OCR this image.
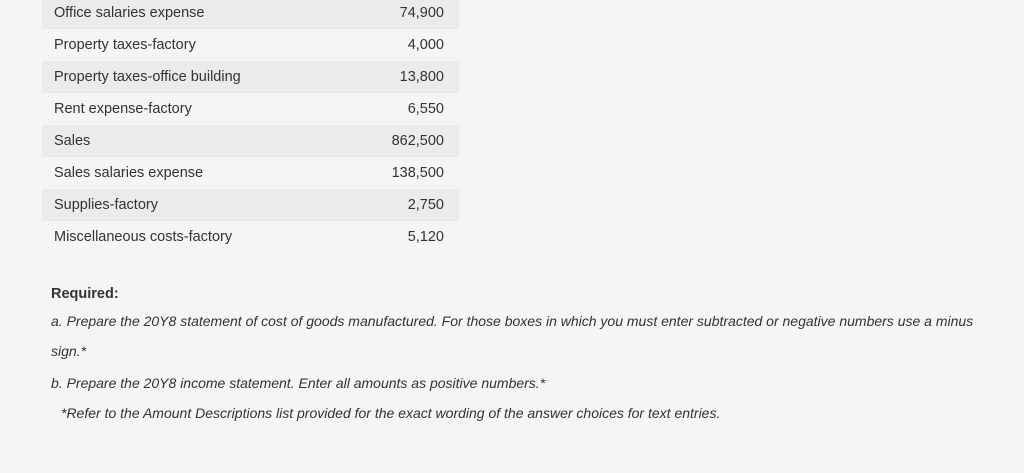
Office salaries expense	74,900
Property taxes-factory	4,000
Property taxes-office building	13,800
Rent expense-factory	6,550
Sales	862,500
Sales salaries expense	138,500
Supplies-factory	2,750
Miscellaneous costs-factory	5,120
Required:
a. Prepare the 20Y8 statement of cost of goods manufactured. For those boxes in which you must enter subtracted or negative numbers use a minus sign.*
b. Prepare the 20Y8 income statement. Enter all amounts as positive numbers.*
*Refer to the Amount Descriptions list provided for the exact wording of the answer choices for text entries.
